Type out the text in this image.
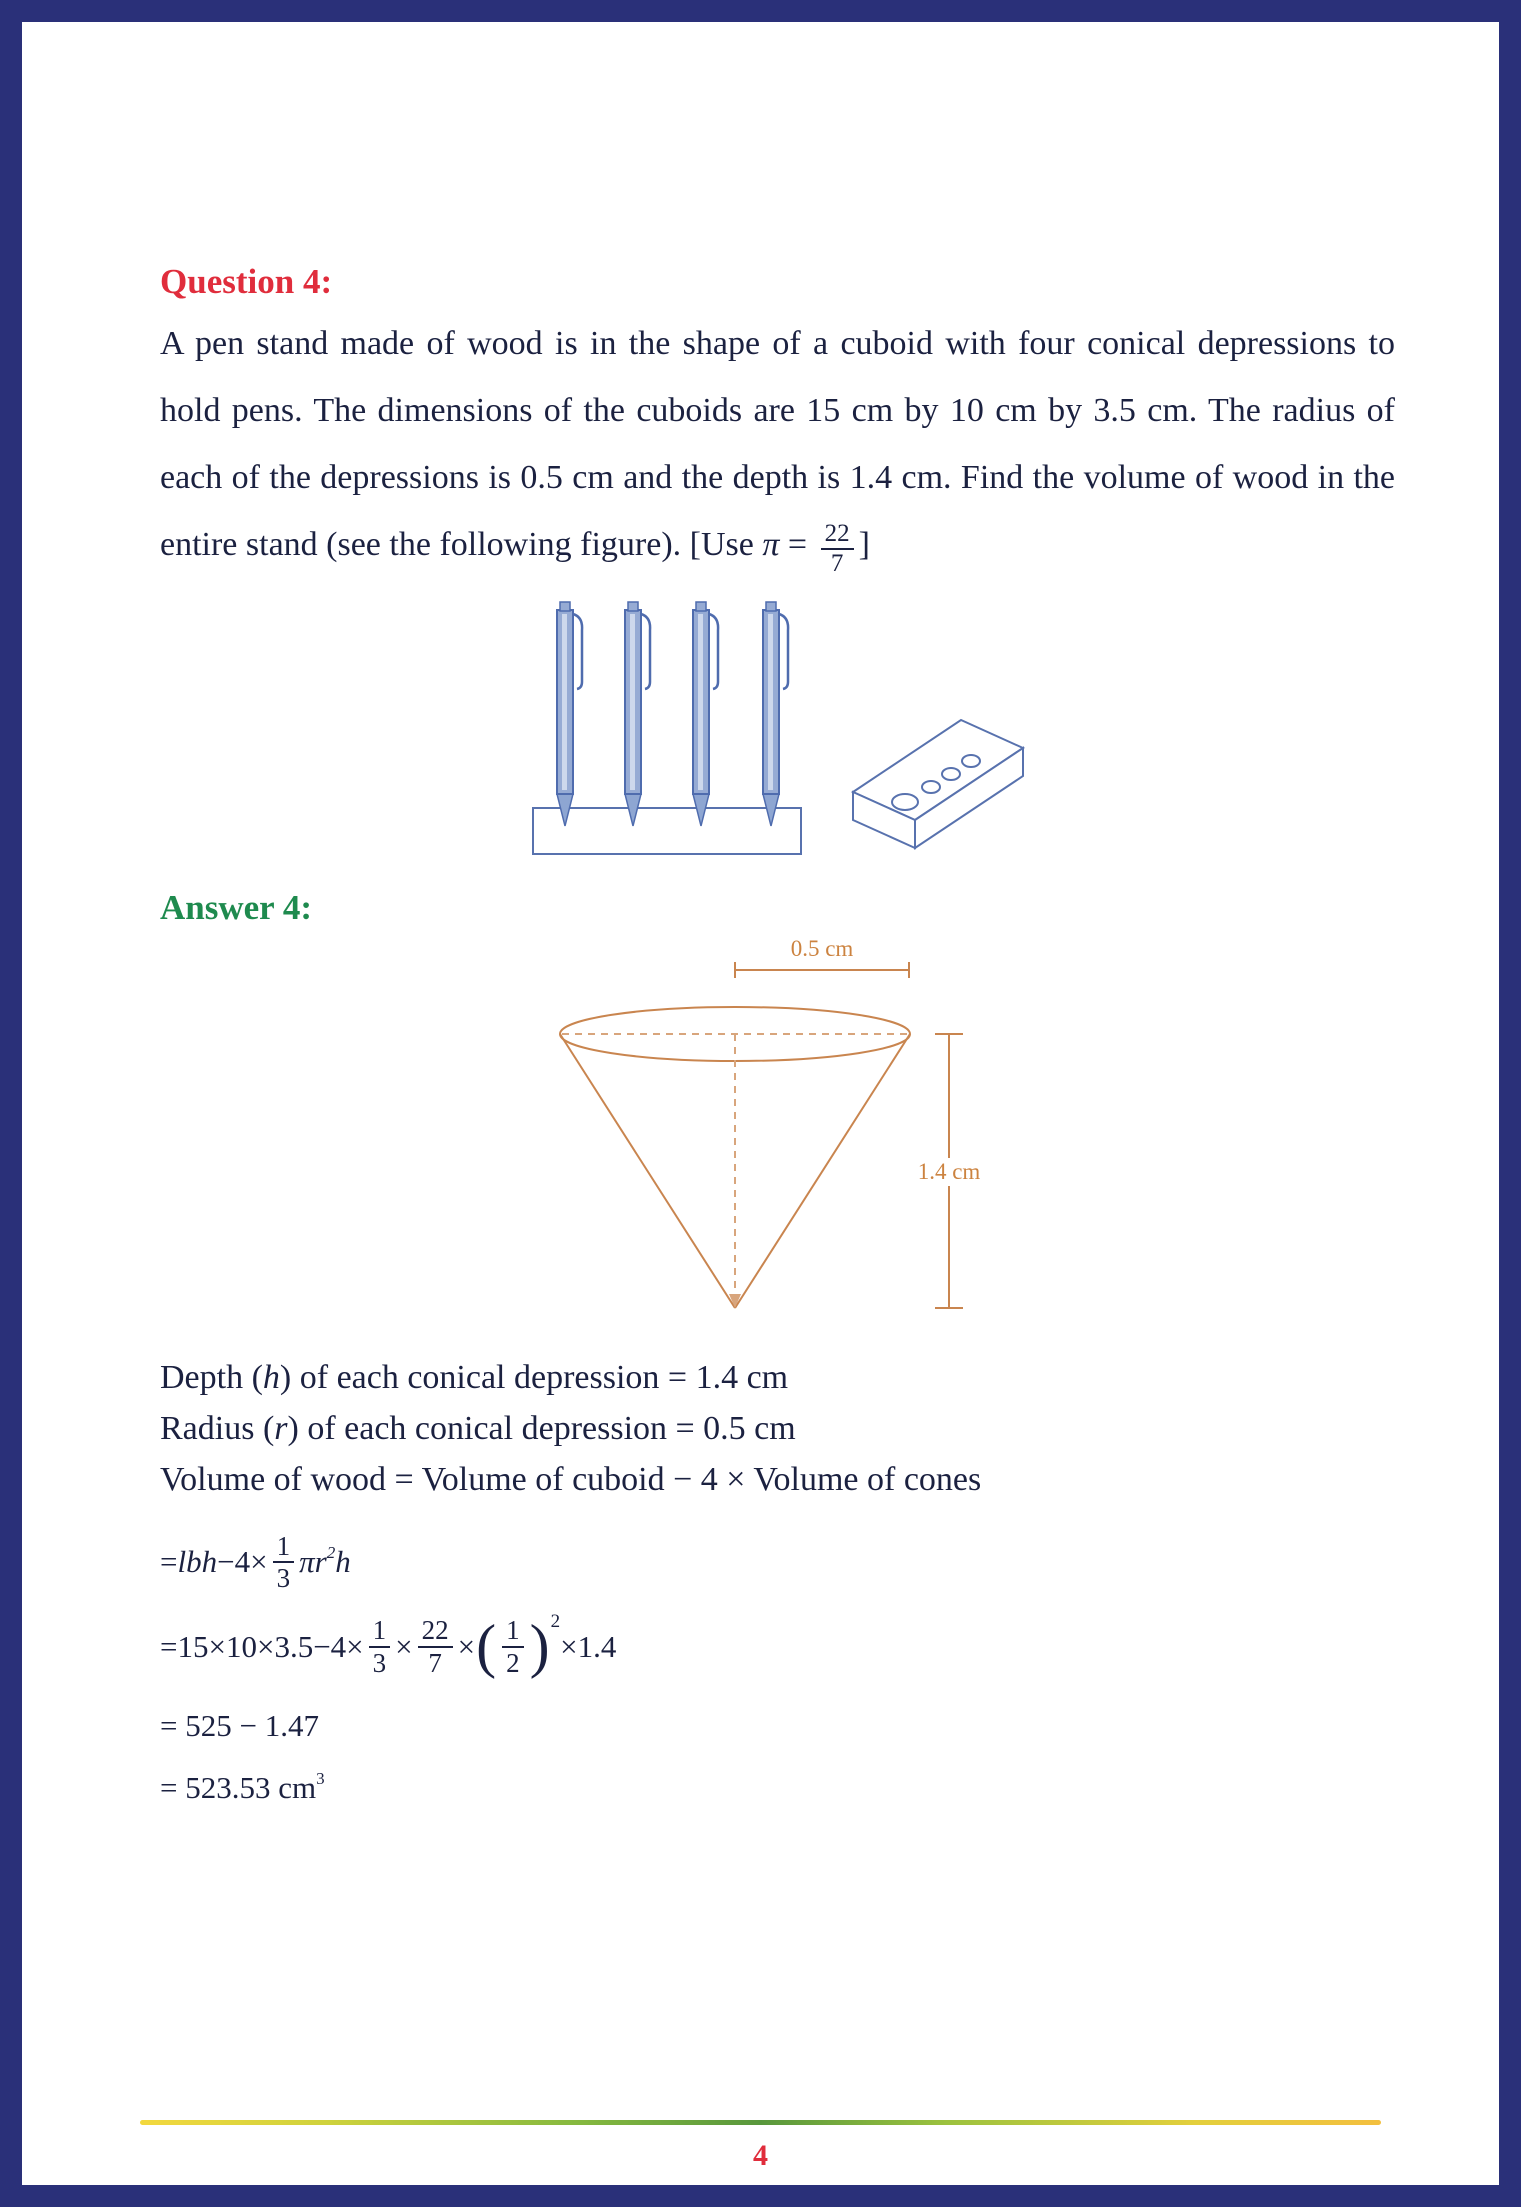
Question 4:

A pen stand made of wood is in the shape of a cuboid with four conical depressions to hold pens. The dimensions of the cuboids are 15 cm by 10 cm by 3.5 cm. The radius of each of the depressions is 0.5 cm and the depth is 1.4 cm. Find the volume of wood in the entire stand (see the following figure). [Use $\pi = \frac{22}{7}$ ]

Answer 4:
0.5 cm
1.4 cm

Depth (h) of each conical depression = 1.4 cm

Radius (r) of each conical depression = 0.5 cm

Volume of wood = Volume of cuboid − 4 × Volume of cones

= lbh $-4\times \frac{1}{3}$ πr 2 h
$=15\times 10\times 3.5-4\times \frac{1}{3} \times \frac{22}{7}$ × ( $\frac{1}{2}$ ) 2
×1.4
= 525 − 1.47
= 523.53 cm 3
4
